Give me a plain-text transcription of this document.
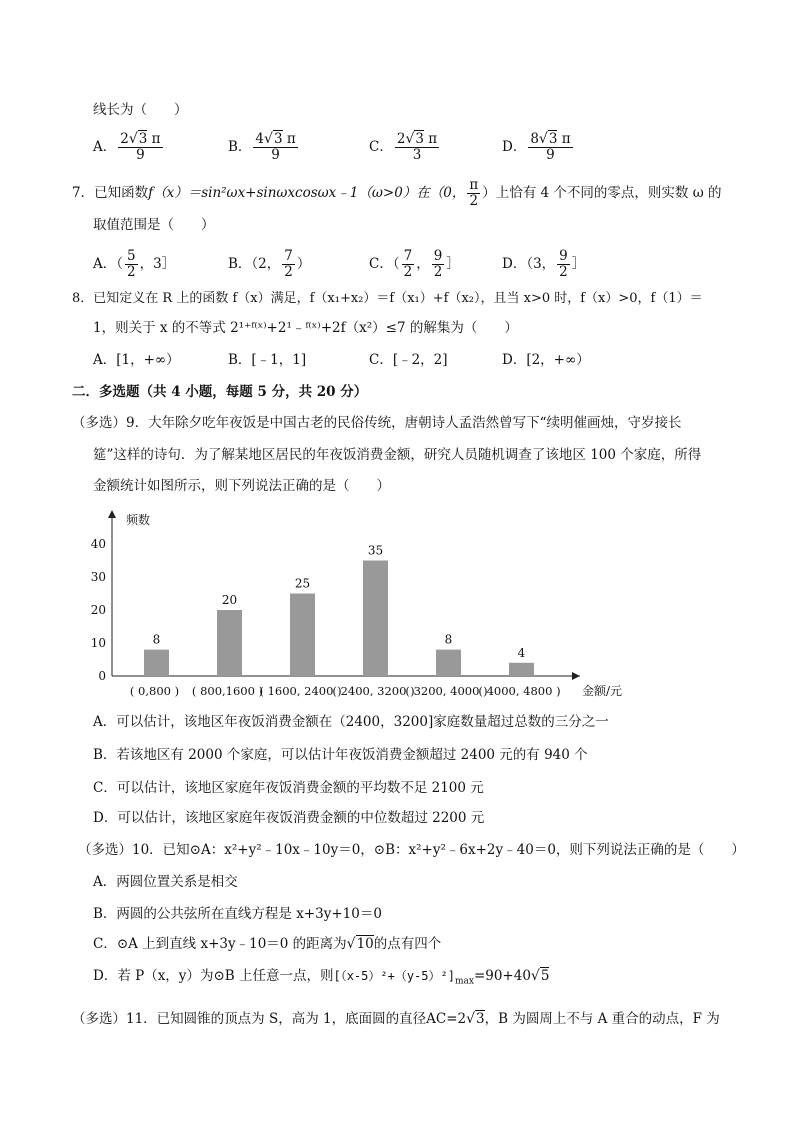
线长为（　　）
A． $\frac{2√3 \pi}{9}$	B． $\frac{4√3 \pi}{9}$	C． $\frac{2√3 \pi}{3}$	D． $\frac{8√3 \pi}{9}$
7．已知函数f（x）＝sin²ωx+sinωxcosωx﹣1（ω>0）在（0， $\frac{\pi}{2}$ ）上恰有 4 个不同的零点，则实数 ω 的
取值范围是（　　）
A．（ $\frac{5}{2}$ ，3］	B．（2， $\frac{7}{2}$ ）	C．（ $\frac{7}{2}$ ， $\frac{9}{2}$ ］	D．（3， $\frac{9}{2}$ ］
8．已知定义在 R 上的函数 f（x）满足，f（x₁+x₂）＝f（x₁）+f（x₂），且当 x>0 时，f（x）>0，f（1）＝
1，则关于 x 的不等式 2¹⁺ᶠ⁽ˣ⁾+2¹﹣ᶠ⁽ˣ⁾+2f（x²）≤7 的解集为（　　）
A．[1，+∞）	B．[﹣1，1]	C．[﹣2，2]	D．[2，+∞）
二．多选题（共 4 小题，每题 5 分，共 20 分）
（多选）9．大年除夕吃年夜饭是中国古老的民俗传统，唐朝诗人孟浩然曾写下“续明催画烛，守岁接长
筵”这样的诗句．为了解某地区居民的年夜饭消费金额，研究人员随机调查了该地区 100 个家庭，所得
金额统计如图所示，则下列说法正确的是（　　）
频数
金额/元
0
10
20
30
40
8
( 0,800 )
20
( 800,1600 )
25
( 1600, 2400 )
35
( 2400, 3200 )
8
( 3200, 4000 )
4
( 4000, 4800 )
A．可以估计，该地区年夜饭消费金额在（2400，3200]家庭数量超过总数的三分之一
B．若该地区有 2000 个家庭，可以估计年夜饭消费金额超过 2400 元的有 940 个
C．可以估计，该地区家庭年夜饭消费金额的平均数不足 2100 元
D．可以估计，该地区家庭年夜饭消费金额的中位数超过 2200 元
（多选）10．已知⊙A：x²+y²﹣10x﹣10y＝0，⊙B：x²+y²﹣6x+2y﹣40＝0，则下列说法正确的是（　　）
A．两圆位置关系是相交
B．两圆的公共弦所在直线方程是 x+3y+10＝0
C．⊙A 上到直线 x+3y﹣10＝0 的距离为√10的点有四个
D．若 P（x，y）为⊙B 上任意一点，则$[(x-5)^2+(y-5)^2]_{max}=90+40√5$
（多选）11．已知圆锥的顶点为 S，高为 1，底面圆的直径AC=2√3，B 为圆周上不与 A 重合的动点，F 为
